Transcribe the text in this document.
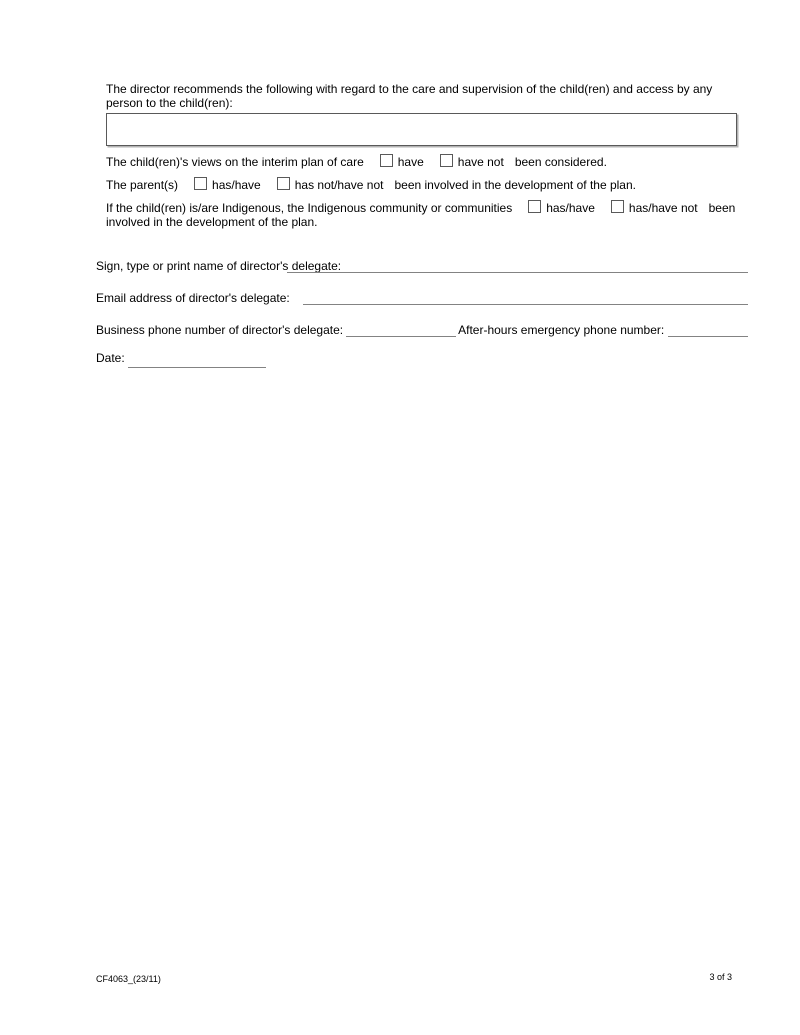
The director recommends the following with regard to the care and supervision of the child(ren) and access by any person to the child(ren):
The child(ren)'s views on the interim plan of care	have	have not been considered.
The parent(s)	has/have	has not/have not been involved in the development of the plan.
If the child(ren) is/are Indigenous, the Indigenous community or communities	has/have	has/have not been involved in the development of the plan.
Sign, type or print name of director's delegate:
Email address of director's delegate:
Business phone number of director's delegate:	After-hours emergency phone number:
Date:
CF4063_(23/11)	3 of 3
